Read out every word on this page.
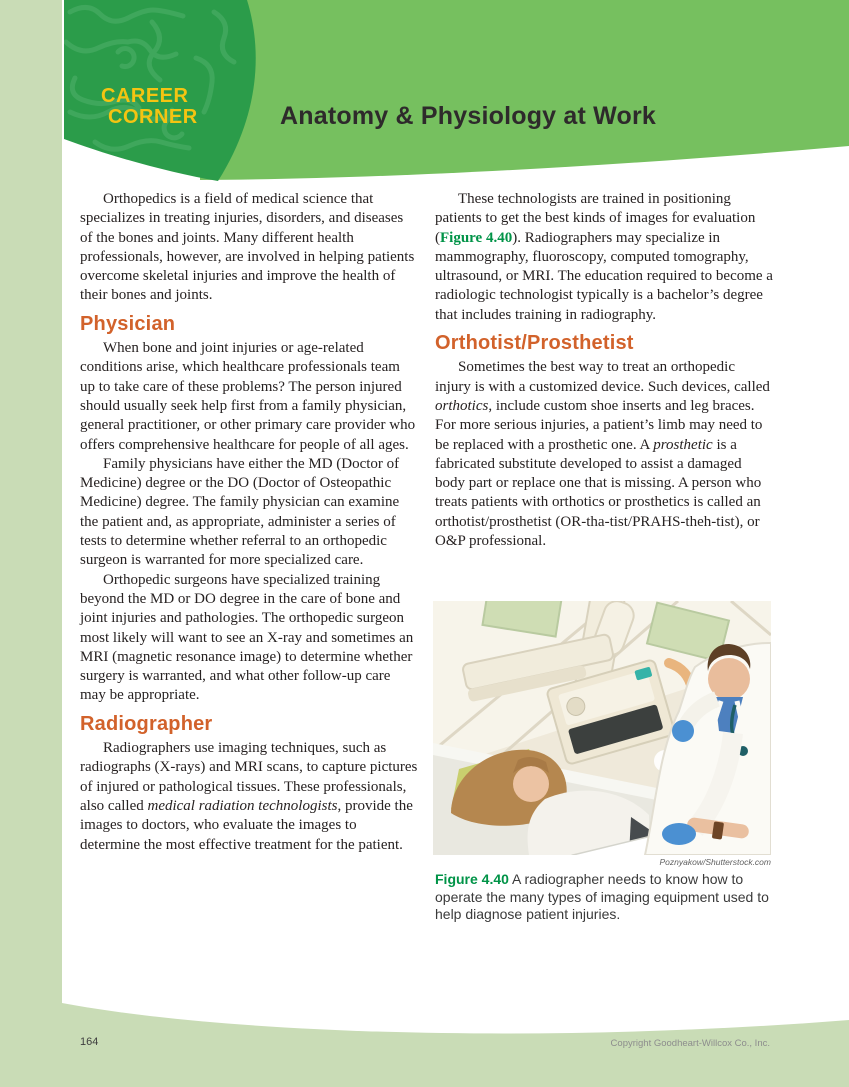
CAREER
CORNER	Anatomy & Physiology at Work

Orthopedics is a field of medical science that specializes in treating injuries, disorders, and diseases of the bones and joints. Many different health professionals, however, are involved in helping patients overcome skeletal injuries and improve the health of their bones and joints.

Physician

When bone and joint injuries or age-related conditions arise, which healthcare professionals team up to take care of these problems? The person injured should usually seek help first from a family physician, general practitioner, or other primary care provider who offers comprehensive healthcare for people of all ages.

Family physicians have either the MD (Doctor of Medicine) degree or the DO (Doctor of Osteopathic Medicine) degree. The family physician can examine the patient and, as appropriate, administer a series of tests to determine whether referral to an orthopedic surgeon is warranted for more specialized care.

Orthopedic surgeons have specialized training beyond the MD or DO degree in the care of bone and joint injuries and pathologies. The orthopedic surgeon most likely will want to see an X-ray and sometimes an MRI (magnetic resonance image) to determine whether surgery is warranted, and what other follow-up care may be appropriate.

Radiographer

Radiographers use imaging techniques, such as radiographs (X-rays) and MRI scans, to capture pictures of injured or pathological tissues. These professionals, also called medical radiation technologists, provide the images to doctors, who evaluate the images to determine the most effective treatment for the patient.

These technologists are trained in positioning patients to get the best kinds of images for evaluation (Figure 4.40). Radiographers may specialize in mammography, fluoroscopy, computed tomography, ultrasound, or MRI. The education required to become a radiologic technologist typically is a bachelor’s degree that includes training in radiography.

Orthotist/Prosthetist

Sometimes the best way to treat an orthopedic injury is with a customized device. Such devices, called orthotics, include custom shoe inserts and leg braces. For more serious injuries, a patient’s limb may need to be replaced with a prosthetic one. A prosthetic is a fabricated substitute developed to assist a damaged body part or replace one that is missing. A person who treats patients with orthotics or prosthetics is called an orthotist/prosthetist (OR-tha-tist/PRAHS-theh-tist), or O&P professional.

Poznyakow/Shutterstock.com

Figure 4.40 A radiographer needs to know how to operate the many types of imaging equipment used to help diagnose patient injuries.

164	Copyright Goodheart-Willcox Co., Inc.
